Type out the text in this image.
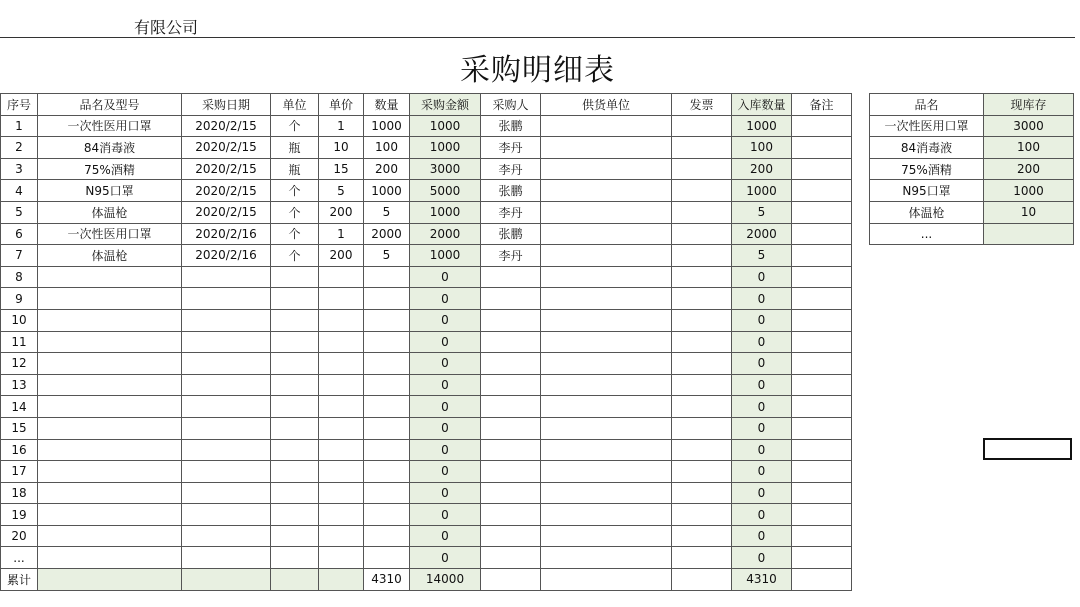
有限公司
采购明细表
序号	品名及型号	采购日期	单位	单价	数量	采购金额	采购人	供货单位	发票	入库数量	备注
1	一次性医用口罩	2020/2/15	个	1	1000	1000	张鹏			1000	
2	84消毒液	2020/2/15	瓶	10	100	1000	李丹			100	
3	75%酒精	2020/2/15	瓶	15	200	3000	李丹			200	
4	N95口罩	2020/2/15	个	5	1000	5000	张鹏			1000	
5	体温枪	2020/2/15	个	200	5	1000	李丹			5	
6	一次性医用口罩	2020/2/16	个	1	2000	2000	张鹏			2000	
7	体温枪	2020/2/16	个	200	5	1000	李丹			5	
8						0				0	
9						0				0	
10						0				0	
11						0				0	
12						0				0	
13						0				0	
14						0				0	
15						0				0	
16						0				0	
17						0				0	
18						0				0	
19						0				0	
20						0				0	
...						0				0	
累计					4310	14000				4310	
品名	现库存
一次性医用口罩	3000
84消毒液	100
75%酒精	200
N95口罩	1000
体温枪	10
...	
